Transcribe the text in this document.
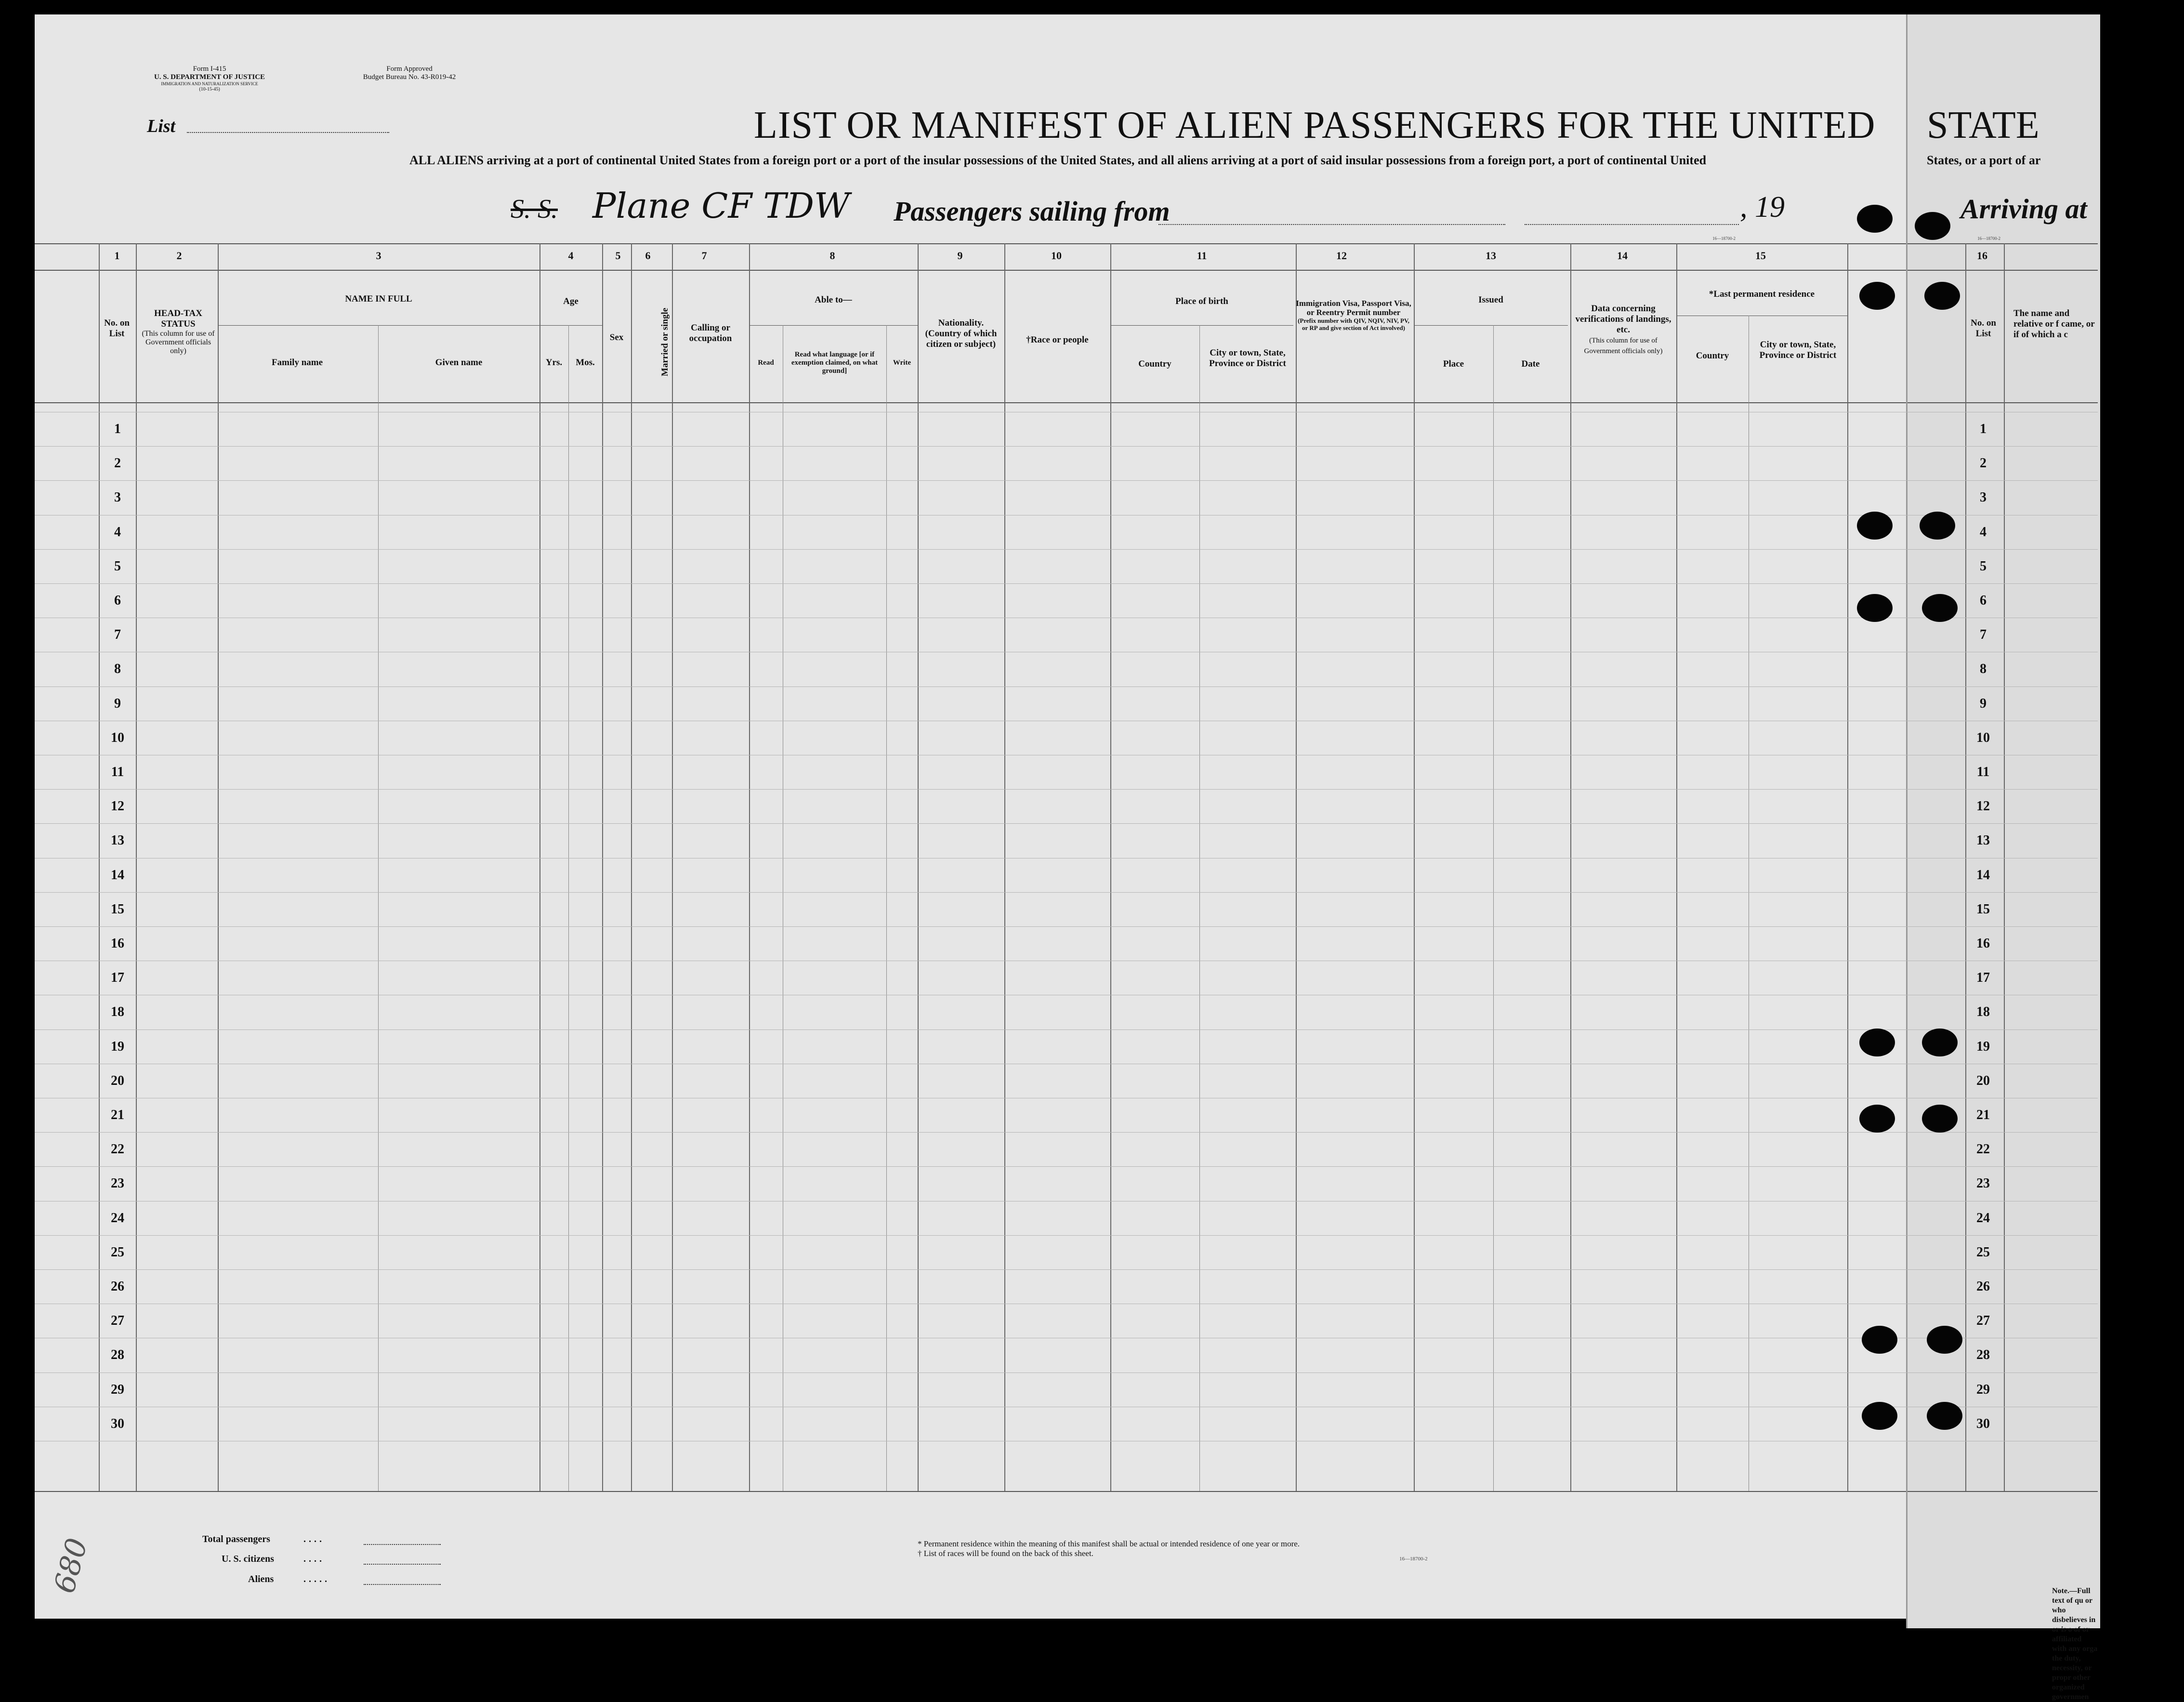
Form I-415
U. S. DEPARTMENT OF JUSTICE
IMMIGRATION AND NATURALIZATION SERVICE
(10-15-45)
Form Approved
Budget Bureau No. 43-R019-42
List	LIST OR MANIFEST OF ALIEN PASSENGERS FOR THE UNITED STATE
ALL ALIENS arriving at a port of continental United States from a foreign port or a port of the insular possessions of the United States, and all aliens arriving at a port of said insular possessions from a foreign port, a port of continental United	States, or a port of ar
S. S. Plane CF TDW Passengers sailing from	, 19	Arriving at
16—18700-2	16—18700-2
1	2	3	4	5	6	7	8	9	10	11	12	13	14	15	16
No. on List
HEAD-TAX STATUS
(This column for use of Government officials only)
NAME IN FULL
Family name	Given name
Age
Yrs.	Mos.
Sex	Married or single	Calling or occupation
Able to—
Read
Read what language [or if exemption claimed, on what ground]
Write
Nationality. (Country of which citizen or subject)	†Race or people
Place of birth
Country
City or town, State, Province or District
Immigration Visa, Passport Visa, or Reentry Permit number
(Prefix number with QIV, NQIV, NIV, PV, or RP and give section of Act involved)
Issued
Place	Date
Data concerning verifications of landings, etc.
(This column for use of Government officials only)
*Last permanent residence
Country
City or town, State, Province or District
No. on List
The name and relative or f came, or if of which a c
1	1
2	2
3	3
4	4
5	5
6	6
7	7
8	8
9	9
10	10
11	11
12	12
13	13
14	14
15	15
16	16
17	17
18	18
19	19
20	20
21	21
22	22
23	23
24	24
25	25
26	26
27	27
28	28
29	29
30	30
Total passengers	....
U. S. citizens	....
Aliens	.....
* Permanent residence within the meaning of this manifest shall be actual or intended residence of one year or more.
† List of races will be found on the back of this sheet.
16—18700-2
Note.—Full text of qu or who disbelieves in or is o of or affiliated with any orga the duty, necessity, or propr other organized governmen
680
